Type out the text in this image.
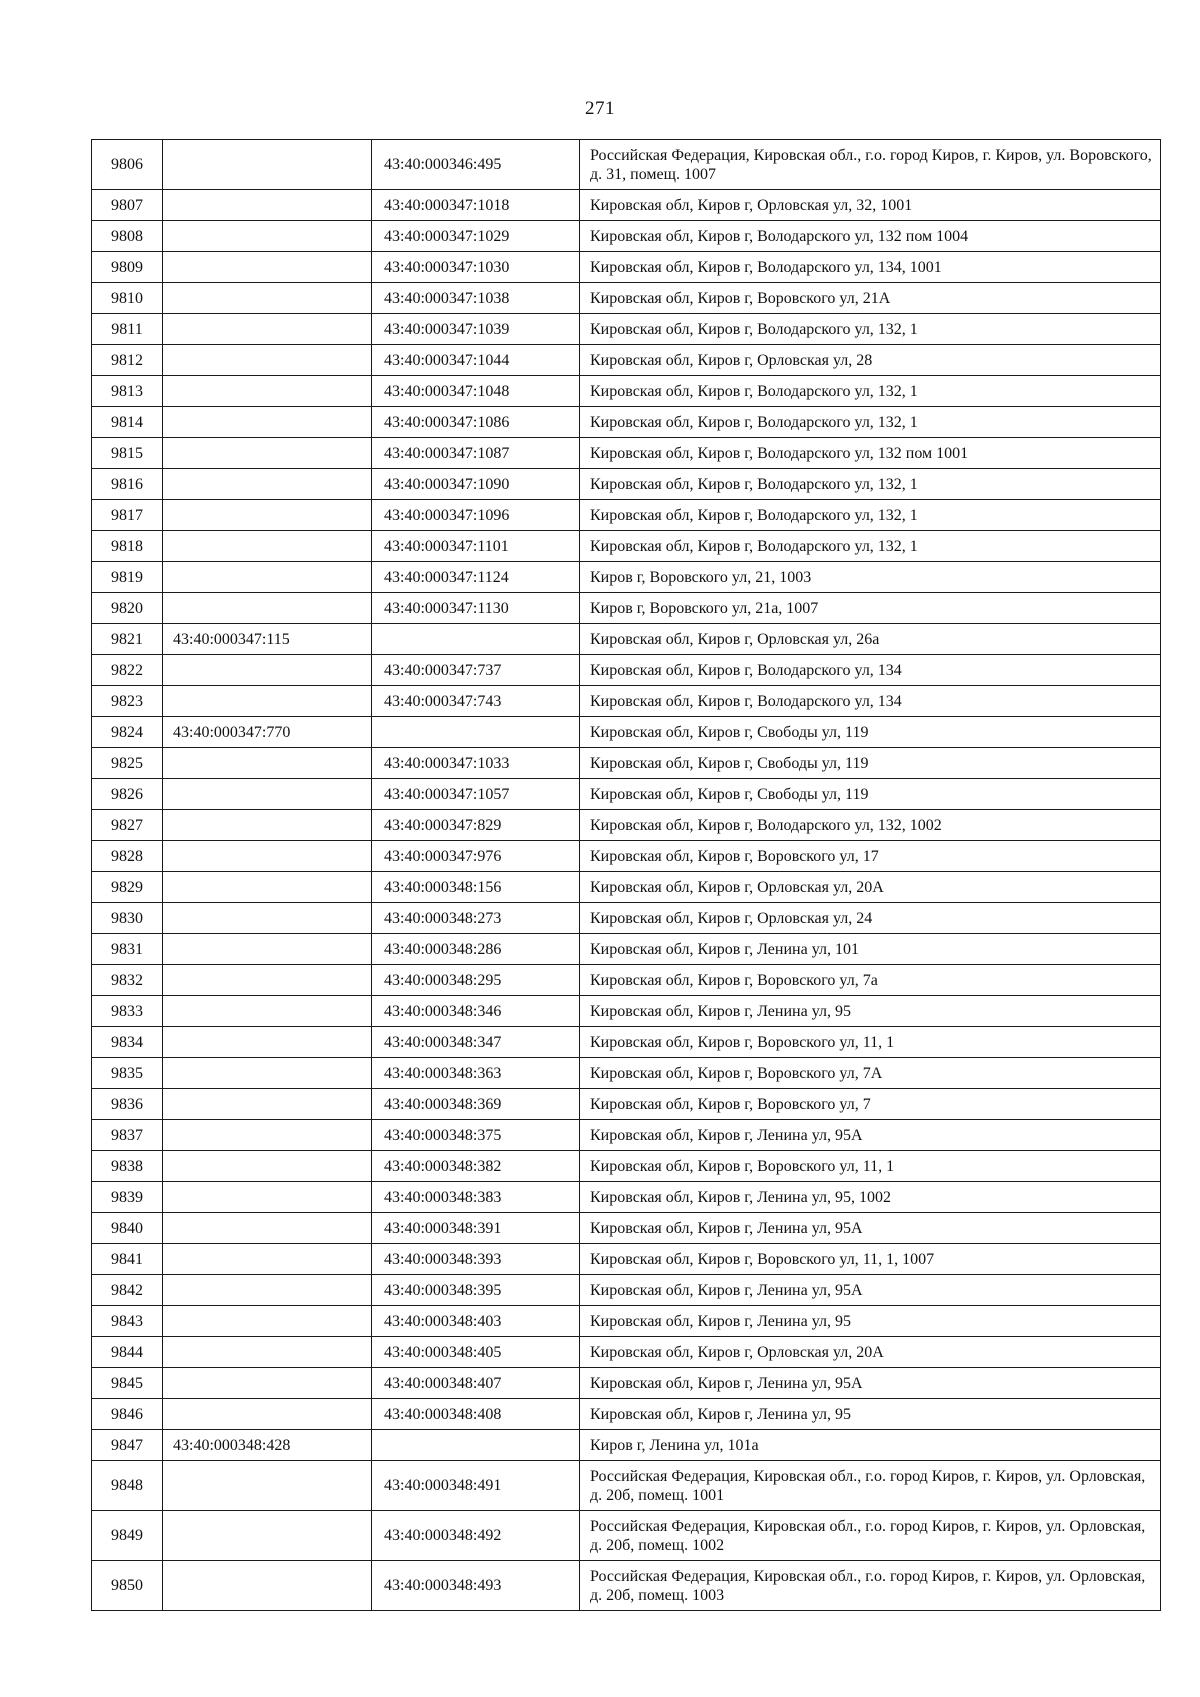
271
9806		43:40:000346:495	Российская Федерация, Кировская обл., г.о. город Киров, г. Киров, ул. Воровского, д. 31, помещ. 1007
9807		43:40:000347:1018	Кировская обл, Киров г, Орловская ул, 32, 1001
9808		43:40:000347:1029	Кировская обл, Киров г, Володарского ул, 132 пом 1004
9809		43:40:000347:1030	Кировская обл, Киров г, Володарского ул, 134, 1001
9810		43:40:000347:1038	Кировская обл, Киров г, Воровского ул, 21А
9811		43:40:000347:1039	Кировская обл, Киров г, Володарского ул, 132, 1
9812		43:40:000347:1044	Кировская обл, Киров г, Орловская ул, 28
9813		43:40:000347:1048	Кировская обл, Киров г, Володарского ул, 132, 1
9814		43:40:000347:1086	Кировская обл, Киров г, Володарского ул, 132, 1
9815		43:40:000347:1087	Кировская обл, Киров г, Володарского ул, 132 пом 1001
9816		43:40:000347:1090	Кировская обл, Киров г, Володарского ул, 132, 1
9817		43:40:000347:1096	Кировская обл, Киров г, Володарского ул, 132, 1
9818		43:40:000347:1101	Кировская обл, Киров г, Володарского ул, 132, 1
9819		43:40:000347:1124	Киров г, Воровского ул, 21, 1003
9820		43:40:000347:1130	Киров г, Воровского ул, 21а, 1007
9821	43:40:000347:115		Кировская обл, Киров г, Орловская ул, 26а
9822		43:40:000347:737	Кировская обл, Киров г, Володарского ул, 134
9823		43:40:000347:743	Кировская обл, Киров г, Володарского ул, 134
9824	43:40:000347:770		Кировская обл, Киров г, Свободы ул, 119
9825		43:40:000347:1033	Кировская обл, Киров г, Свободы ул, 119
9826		43:40:000347:1057	Кировская обл, Киров г, Свободы ул, 119
9827		43:40:000347:829	Кировская обл, Киров г, Володарского ул, 132, 1002
9828		43:40:000347:976	Кировская обл, Киров г, Воровского ул, 17
9829		43:40:000348:156	Кировская обл, Киров г, Орловская ул, 20А
9830		43:40:000348:273	Кировская обл, Киров г, Орловская ул, 24
9831		43:40:000348:286	Кировская обл, Киров г, Ленина ул, 101
9832		43:40:000348:295	Кировская обл, Киров г, Воровского ул, 7а
9833		43:40:000348:346	Кировская обл, Киров г, Ленина ул, 95
9834		43:40:000348:347	Кировская обл, Киров г, Воровского ул, 11, 1
9835		43:40:000348:363	Кировская обл, Киров г, Воровского ул, 7А
9836		43:40:000348:369	Кировская обл, Киров г, Воровского ул, 7
9837		43:40:000348:375	Кировская обл, Киров г, Ленина ул, 95А
9838		43:40:000348:382	Кировская обл, Киров г, Воровского ул, 11, 1
9839		43:40:000348:383	Кировская обл, Киров г, Ленина ул, 95, 1002
9840		43:40:000348:391	Кировская обл, Киров г, Ленина ул, 95А
9841		43:40:000348:393	Кировская обл, Киров г, Воровского ул, 11, 1, 1007
9842		43:40:000348:395	Кировская обл, Киров г, Ленина ул, 95А
9843		43:40:000348:403	Кировская обл, Киров г, Ленина ул, 95
9844		43:40:000348:405	Кировская обл, Киров г, Орловская ул, 20А
9845		43:40:000348:407	Кировская обл, Киров г, Ленина ул, 95А
9846		43:40:000348:408	Кировская обл, Киров г, Ленина ул, 95
9847	43:40:000348:428		Киров г, Ленина ул, 101а
9848		43:40:000348:491	Российская Федерация, Кировская обл., г.о. город Киров, г. Киров, ул. Орловская, д. 20б, помещ. 1001
9849		43:40:000348:492	Российская Федерация, Кировская обл., г.о. город Киров, г. Киров, ул. Орловская, д. 20б, помещ. 1002
9850		43:40:000348:493	Российская Федерация, Кировская обл., г.о. город Киров, г. Киров, ул. Орловская, д. 20б, помещ. 1003
